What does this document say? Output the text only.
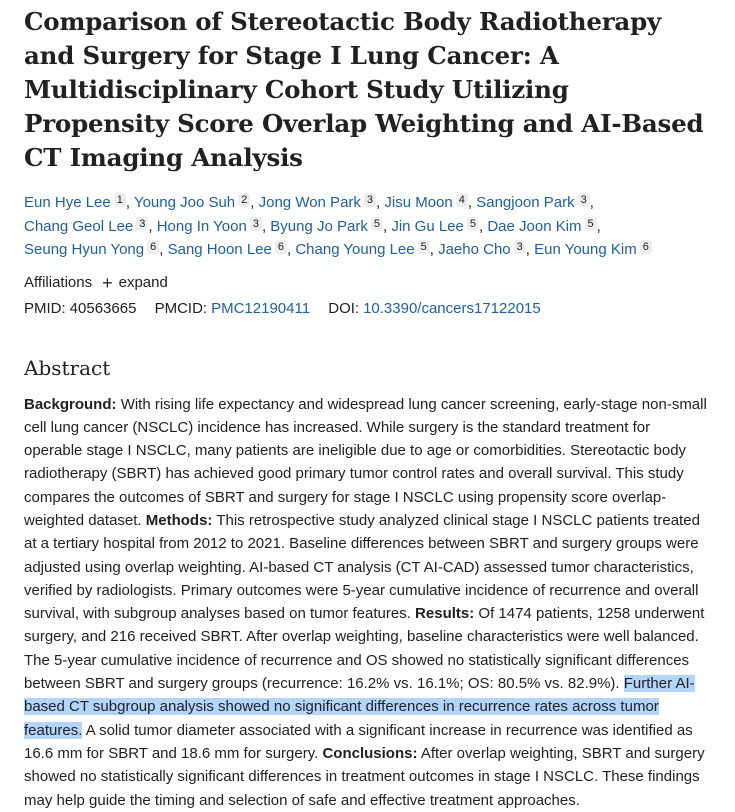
Comparison of Stereotactic Body Radiotherapy and Surgery for Stage I Lung Cancer: A Multidisciplinary Cohort Study Utilizing Propensity Score Overlap Weighting and AI-Based CT Imaging Analysis
Eun Hye Lee 1 , Young Joo Suh 2 , Jong Won Park 3 , Jisu Moon 4 , Sangjoon Park 3 ,
Chang Geol Lee 3 , Hong In Yoon 3 , Byung Jo Park 5 , Jin Gu Lee 5 , Dae Joon Kim 5 ,
Seung Hyun Yong 6 , Sang Hoon Lee 6 , Chang Young Lee 5 , Jaeho Cho 3 , Eun Young Kim 6
Affiliations + expand
PMID: 40563665 PMCID: PMC12190411 DOI: 10.3390/cancers17122015
Abstract
Background: With rising life expectancy and widespread lung cancer screening, early-stage non-small cell lung cancer (NSCLC) incidence has increased. While surgery is the standard treatment for operable stage I NSCLC, many patients are ineligible due to age or comorbidities. Stereotactic body radiotherapy (SBRT) has achieved good primary tumor control rates and overall survival. This study compares the outcomes of SBRT and surgery for stage I NSCLC using propensity score overlap-weighted dataset. Methods: This retrospective study analyzed clinical stage I NSCLC patients treated at a tertiary hospital from 2012 to 2021. Baseline differences between SBRT and surgery groups were adjusted using overlap weighting. AI-based CT analysis (CT AI-CAD) assessed tumor characteristics, verified by radiologists. Primary outcomes were 5-year cumulative incidence of recurrence and overall survival, with subgroup analyses based on tumor features. Results: Of 1474 patients, 1258 underwent surgery, and 216 received SBRT. After overlap weighting, baseline characteristics were well balanced. The 5-year cumulative incidence of recurrence and OS showed no statistically significant differences between SBRT and surgery groups (recurrence: 16.2% vs. 16.1%; OS: 80.5% vs. 82.9%). Further AI-based CT subgroup analysis showed no significant differences in recurrence rates across tumor features. A solid tumor diameter associated with a significant increase in recurrence was identified as 16.6 mm for SBRT and 18.6 mm for surgery. Conclusions: After overlap weighting, SBRT and surgery showed no statistically significant differences in treatment outcomes in stage I NSCLC. These findings may help guide the timing and selection of safe and effective treatment approaches.
